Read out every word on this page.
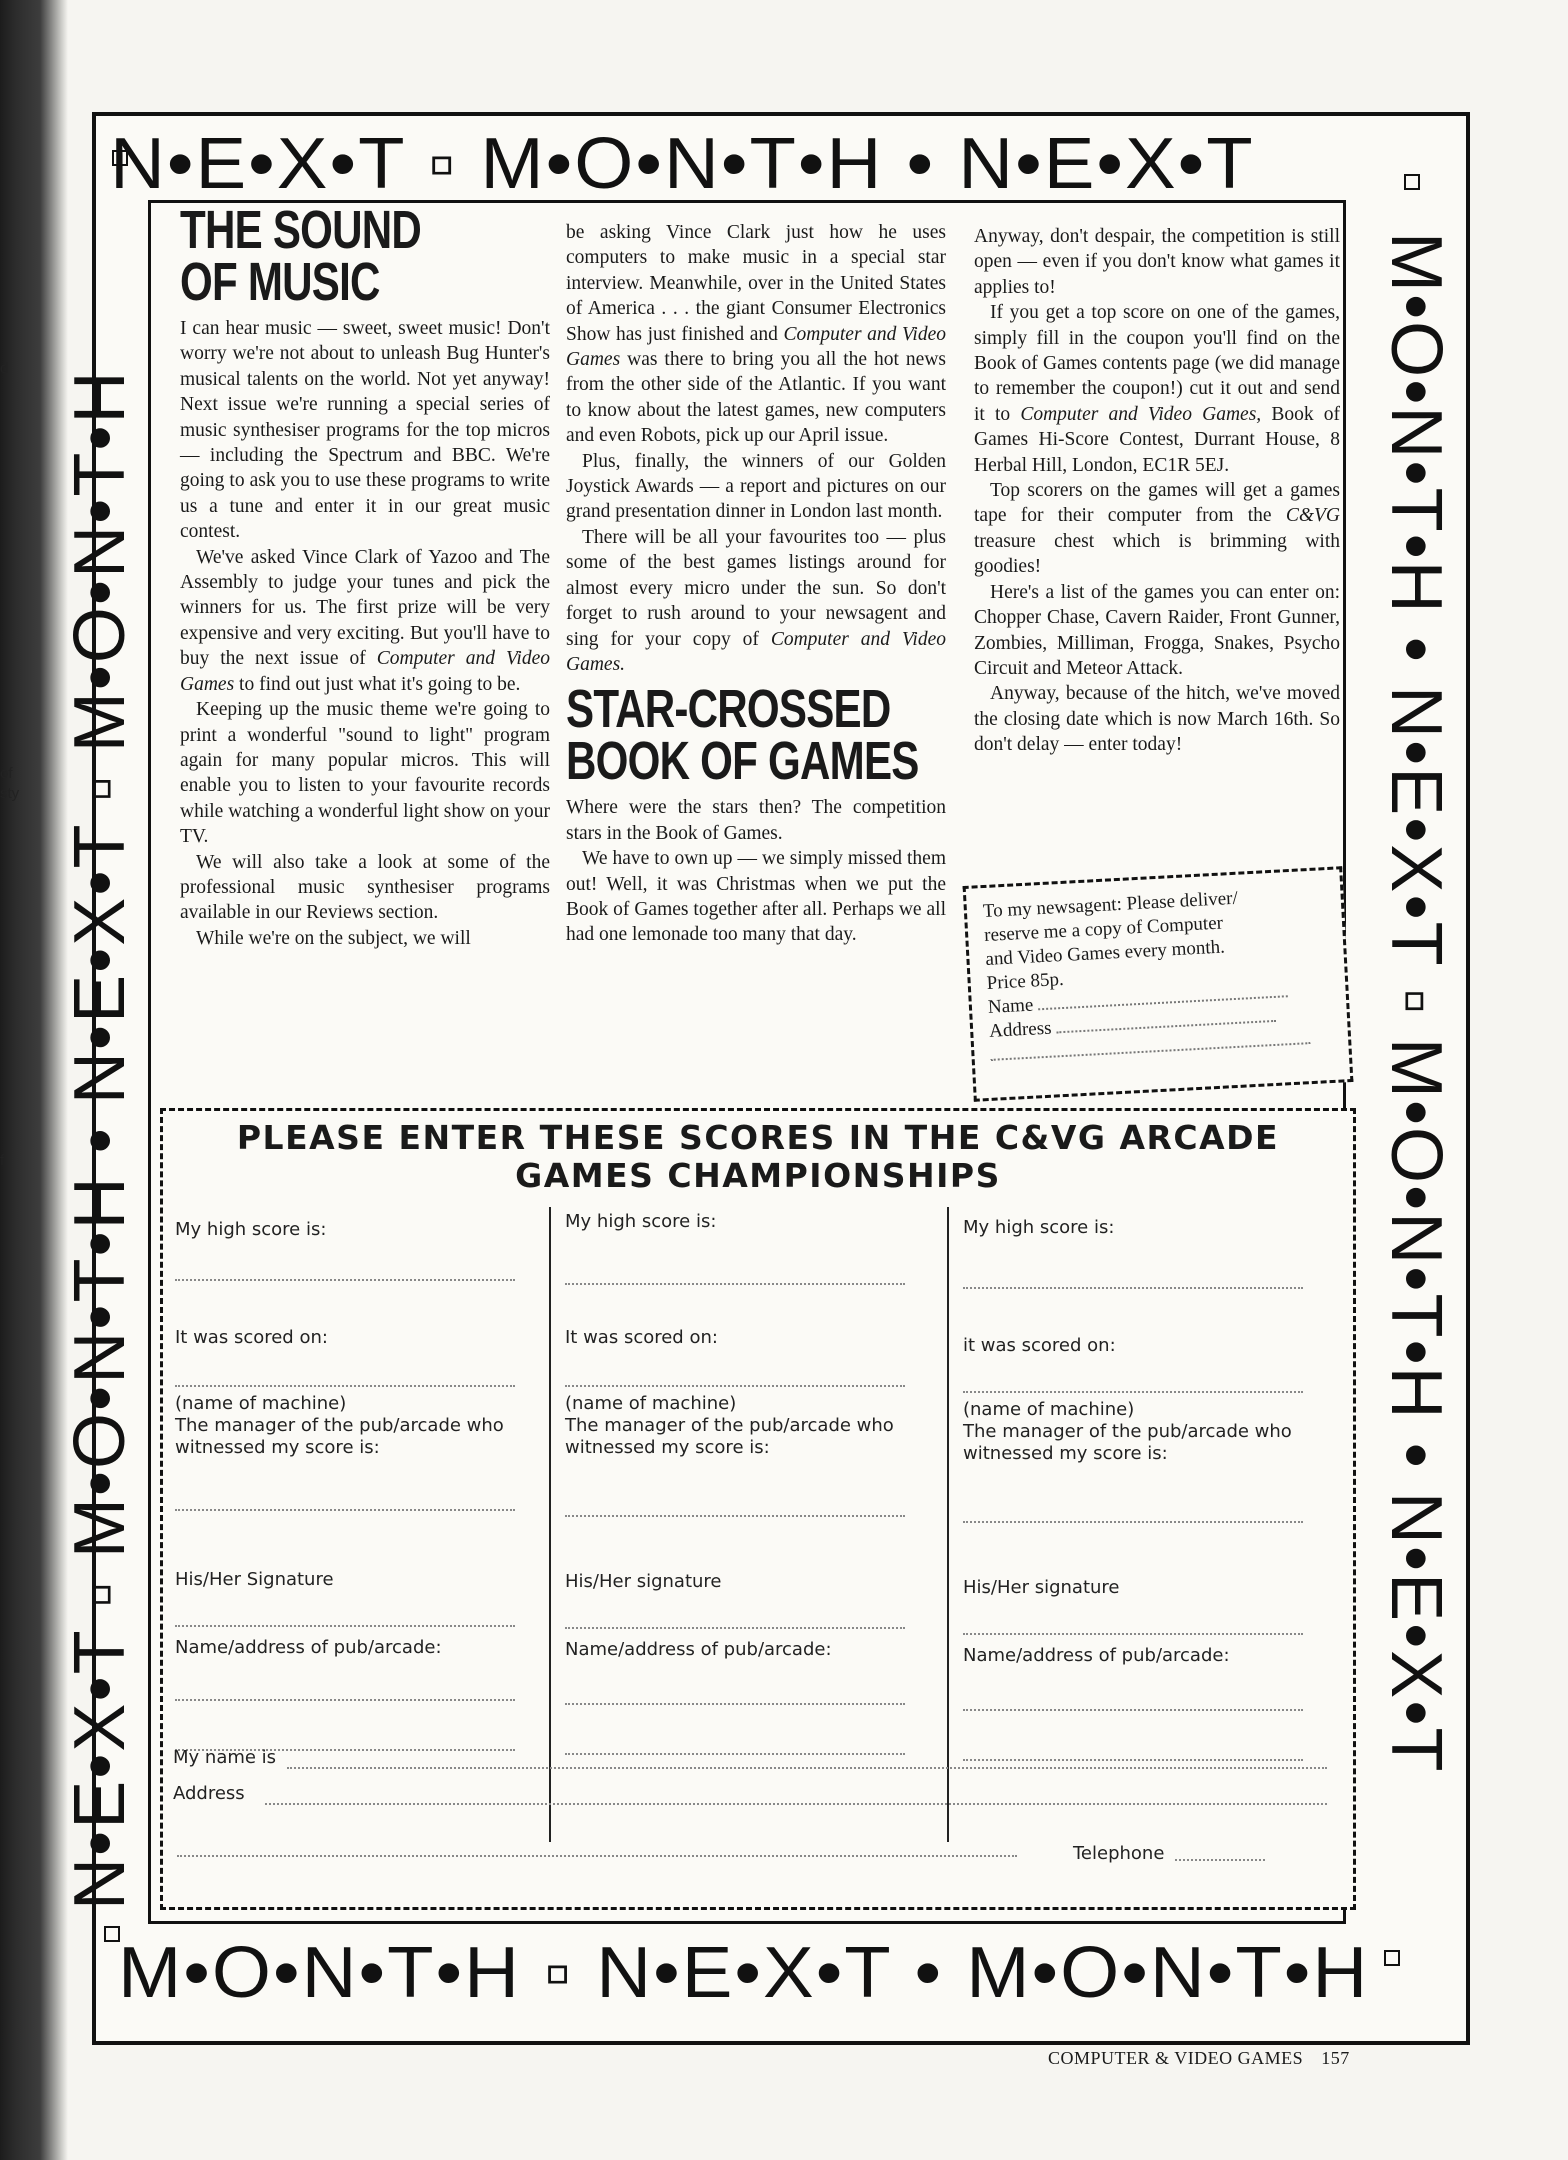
d
of
sty
f
N•E•X•T ▫ M•O•N•T•H • N•E•X•T
M•O•N•T•H ▫ N•E•X•T • M•O•N•T•H
N•E•X•T ▫ M•O•N•T•H • N•E•X•T ▫ M•O•N•T•H	M•O•N•T•H • N•E•X•T ▫ M•O•N•T•H • N•E•X•T
THE SOUND
OF MUSIC

I can hear music — sweet, sweet music! Don't worry we're not about to unleash Bug Hunter's musical talents on the world. Not yet anyway! Next issue we're running a special series of music synthesiser programs for the top micros — including the Spectrum and BBC. We're going to ask you to use these programs to write us a tune and enter it in our great music contest.

We've asked Vince Clark of Yazoo and The Assembly to judge your tunes and pick the winners for us. The first prize will be very expensive and very exciting. But you'll have to buy the next issue of Computer and Video Games to find out just what it's going to be.

Keeping up the music theme we're going to print a wonderful "sound to light" program again for many popular micros. This will enable you to listen to your favourite records while watching a wonderful light show on your TV.

We will also take a look at some of the professional music synthesiser programs available in our Reviews section.

While we're on the subject, we will

be asking Vince Clark just how he uses computers to make music in a special star interview. Meanwhile, over in the United States of America . . . the giant Consumer Electronics Show has just finished and Computer and Video Games was there to bring you all the hot news from the other side of the Atlantic. If you want to know about the latest games, new computers and even Robots, pick up our April issue.

Plus, finally, the winners of our Golden Joystick Awards — a report and pictures on our grand presentation dinner in London last month.

There will be all your favourites too — plus some of the best games listings around for almost every micro under the sun. So don't forget to rush around to your newsagent and sing for your copy of Computer and Video Games.

STAR-CROSSED
BOOK OF GAMES

Where were the stars then? The competition stars in the Book of Games.

We have to own up — we simply missed them out! Well, it was Christmas when we put the Book of Games together after all. Perhaps we all had one lemonade too many that day.

Anyway, don't despair, the competition is still open — even if you don't know what games it applies to!

If you get a top score on one of the games, simply fill in the coupon you'll find on the Book of Games contents page (we did manage to remember the coupon!) cut it out and send it to Computer and Video Games, Book of Games Hi-Score Contest, Durrant House, 8 Herbal Hill, London, EC1R 5EJ.

Top scorers on the games will get a games tape for their computer from the C&VG treasure chest which is brimming with goodies!

Here's a list of the games you can enter on: Chopper Chase, Cavern Raider, Front Gunner, Zombies, Milliman, Frogga, Snakes, Psycho Circuit and Meteor Attack.

Anyway, because of the hitch, we've moved the closing date which is now March 16th. So don't delay — enter today!

To my newsagent: Please deliver/
reserve me a copy of Computer
and Video Games every month.
Price 85p.
Name
Address
PLEASE ENTER THESE SCORES IN THE C&VG ARCADE
GAMES CHAMPIONSHIPS
My high score is:
It was scored on:
(name of machine)
The manager of the pub/arcade who witnessed my score is:
His/Her Signature
Name/address of pub/arcade:
My high score is:
It was scored on:
(name of machine)
The manager of the pub/arcade who witnessed my score is:
His/Her signature
Name/address of pub/arcade:
My high score is:
it was scored on:
(name of machine)
The manager of the pub/arcade who witnessed my score is:
His/Her signature
Name/address of pub/arcade:
My name is
Address
Telephone
COMPUTER & VIDEO GAMES 157
